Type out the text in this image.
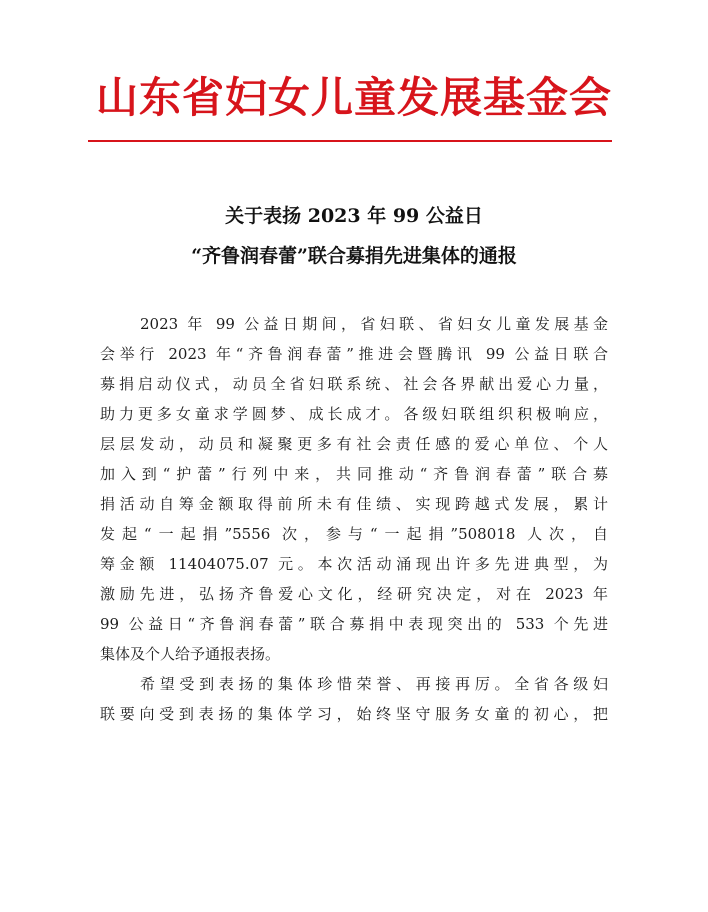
山东省妇女儿童发展基金会
关于表扬 2023 年 99 公益日
“齐鲁润春蕾”联合募捐先进集体的通报
2023 年 99 公益日期间，省妇联、省妇女儿童发展基金
会举行 2023 年“齐鲁润春蕾”推进会暨腾讯 99 公益日联合
募捐启动仪式，动员全省妇联系统、社会各界献出爱心力量，
助力更多女童求学圆梦、成长成才。各级妇联组织积极响应，
层层发动，动员和凝聚更多有社会责任感的爱心单位、个人
加入到“护蕾”行列中来，共同推动“齐鲁润春蕾”联合募
捐活动自筹金额取得前所未有佳绩、实现跨越式发展，累计
发起“一起捐”5556 次，参与“一起捐”508018 人次，自
筹金额 11404075.07 元。本次活动涌现出许多先进典型，为
激励先进，弘扬齐鲁爱心文化，经研究决定，对在 2023 年
99 公益日“齐鲁润春蕾”联合募捐中表现突出的 533 个先进
集体及个人给予通报表扬。
希望受到表扬的集体珍惜荣誉、再接再厉。全省各级妇
联要向受到表扬的集体学习，始终坚守服务女童的初心，把
